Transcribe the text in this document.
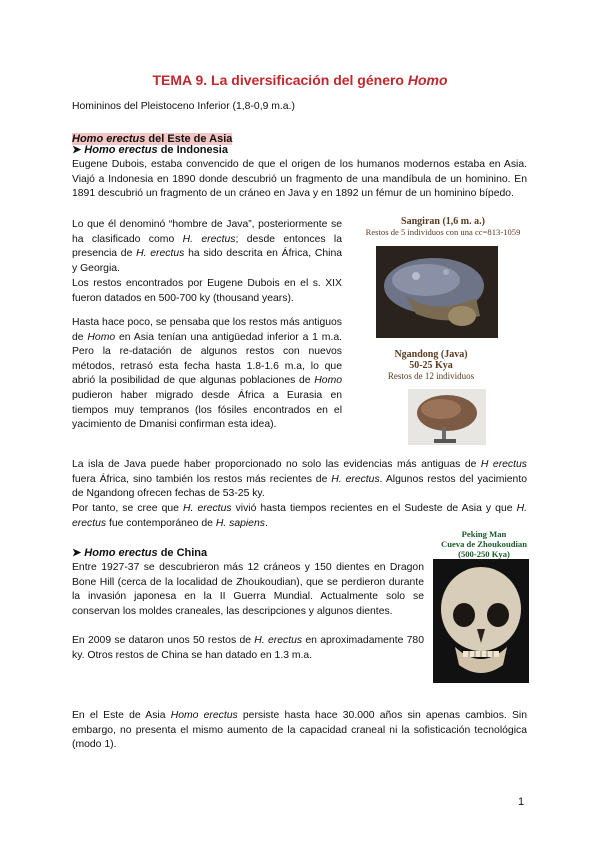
TEMA 9. La diversificación del género Homo
Homininos del Pleistoceno Inferior (1,8-0,9 m.a.)
Homo erectus del Este de Asia
➤ Homo erectus de Indonesia
Eugene Dubois, estaba convencido de que el origen de los humanos modernos estaba en Asia. Viajó a Indonesia en 1890 donde descubrió un fragmento de una mandíbula de un hominino. En 1891 descubrió un fragmento de un cráneo en Java y en 1892 un fémur de un hominino bípedo.
Lo que él denominó “hombre de Java”, posteriormente se ha clasificado como H. erectus; desde entonces la presencia de H. erectus ha sido descrita en África, China y Georgia.
Los restos encontrados por Eugene Dubois en el s. XIX fueron datados en 500-700 ky (thousand years).
Hasta hace poco, se pensaba que los restos más antiguos de Homo en Asia tenían una antigüedad inferior a 1 m.a. Pero la re-datación de algunos restos con nuevos métodos, retrasó esta fecha hasta 1.8-1.6 m.a, lo que abrió la posibilidad de que algunas poblaciones de Homo pudieron haber migrado desde África a Eurasia en tiempos muy tempranos (los fósiles encontrados en el yacimiento de Dmanisi confirman esta idea).
La isla de Java puede haber proporcionado no solo las evidencias más antiguas de H erectus fuera África, sino también los restos más recientes de H. erectus. Algunos restos del yacimiento de Ngandong ofrecen fechas de 53-25 ky.
Por tanto, se cree que H. erectus vivió hasta tiempos recientes en el Sudeste de Asia y que H. erectus fue contemporáneo de H. sapiens.
➤ Homo erectus de China
Entre 1927-37 se descubrieron más 12 cráneos y 150 dientes en Dragon Bone Hill (cerca de la localidad de Zhoukoudian), que se perdieron durante la invasión japonesa en la II Guerra Mundial. Actualmente solo se conservan los moldes craneales, las descripciones y algunos dientes.
En 2009 se dataron unos 50 restos de H. erectus en aproximadamente 780 ky. Otros restos de China se han datado en 1.3 m.a.
En el Este de Asia Homo erectus persiste hasta hace 30.000 años sin apenas cambios. Sin embargo, no presenta el mismo aumento de la capacidad craneal ni la sofisticación tecnológica (modo 1).
Sangiran (1,6 m. a.)
Restos de 5 individuos con una cc=813-1059
Ngandong (Java)
50-25 Kya
Restos de 12 individuos
Peking Man
Cueva de Zhoukoudian
(500-250 Kya)
1
